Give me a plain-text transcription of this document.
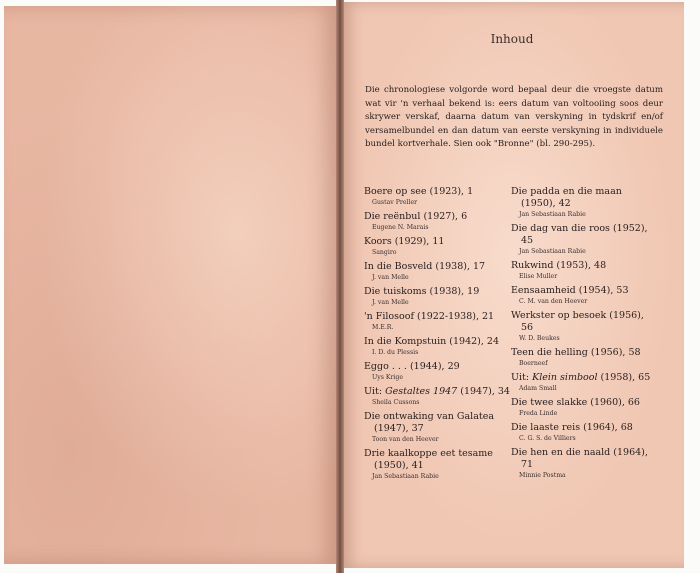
Inhoud

Die chronologiese volgorde word bepaal deur die vroegste datum wat vir 'n verhaal bekend is: eers datum van voltooiing soos deur skrywer verskaf, daarna datum van verskyning in tydskrif en/of versamelbundel en dan datum van eerste verskyning in individuele bundel kortverhale. Sien ook "Bronne" (bl. 290-295).

Boere op see (1923), 1

Gustav Preller

Die reënbul (1927), 6

Eugene N. Marais

Koors (1929), 11

Sangiro

In die Bosveld (1938), 17

J. van Melle

Die tuiskoms (1938), 19

J. van Melle

'n Filosoof (1922-1938), 21

M.E.R.

In die Kompstuin (1942), 24

I. D. du Plessis

Eggo . . . (1944), 29

Uys Krige

Uit: Gestaltes 1947 (1947), 34

Sheila Cussons

Die ontwaking van Galatea (1947), 37

Toon van den Heever

Drie kaalkoppe eet tesame (1950), 41

Jan Sebastiaan Rabie

Die padda en die maan (1950), 42

Jan Sebastiaan Rabie

Die dag van die roos (1952), 45

Jan Sebastiaan Rabie

Rukwind (1953), 48

Elise Muller

Eensaamheid (1954), 53

C. M. van den Heever

Werkster op besoek (1956), 56

W. D. Beukes

Teen die helling (1956), 58

Boerneef

Uit: Klein simbool (1958), 65

Adam Small

Die twee slakke (1960), 66

Freda Linde

Die laaste reis (1964), 68

C. G. S. de Villiers

Die hen en die naald (1964), 71

Minnie Postma
